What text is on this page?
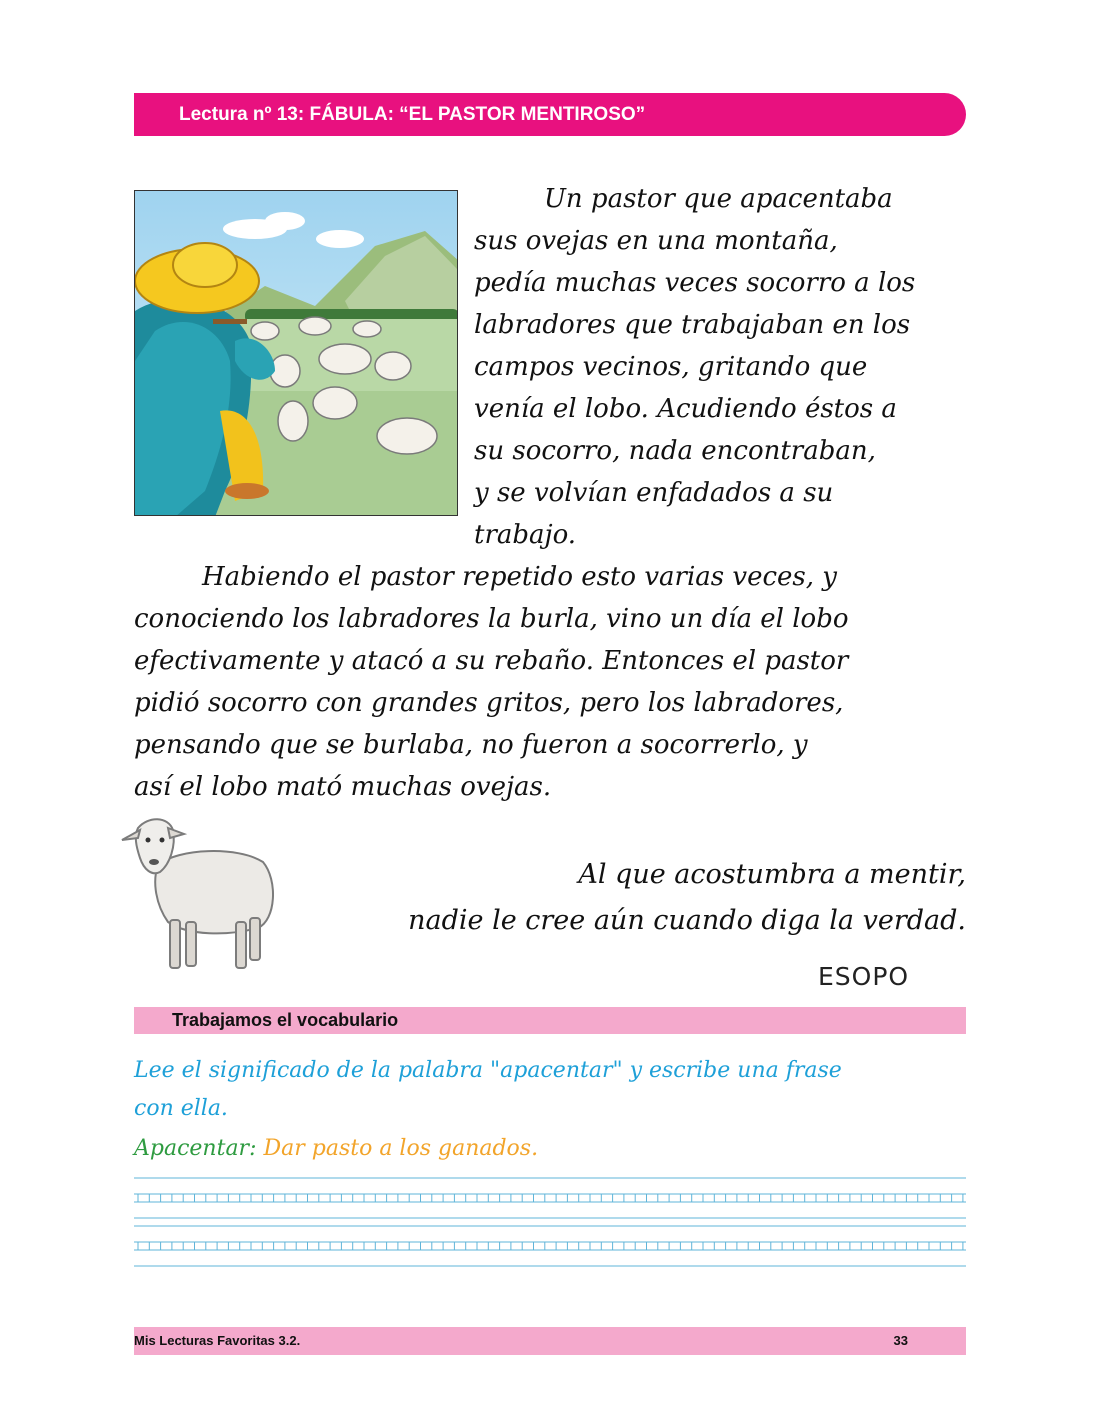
Lectura nº 13: FÁBULA: “EL PASTOR MENTIROSO”
Un pastor que apacentaba
sus ovejas en una montaña,
pedía muchas veces socorro a los
labradores que trabajaban en los
campos vecinos, gritando que
venía el lobo. Acudiendo éstos a
su socorro, nada encontraban,
y se volvían enfadados a su
trabajo.
Habiendo el pastor repetido esto varias veces, y
conociendo los labradores la burla, vino un día el lobo
efectivamente y atacó a su rebaño. Entonces el pastor
pidió socorro con grandes gritos, pero los labradores,
pensando que se burlaba, no fueron a socorrerlo, y
así el lobo mató muchas ovejas.
Al que acostumbra a mentir,
nadie le cree aún cuando diga la verdad.

ESOPO

Trabajamos el vocabulario
Lee el significado de la palabra "apacentar" y escribe una frase
con ella.
Apacentar: Dar pasto a los ganados.
Mis Lecturas Favoritas 3.2.	33
